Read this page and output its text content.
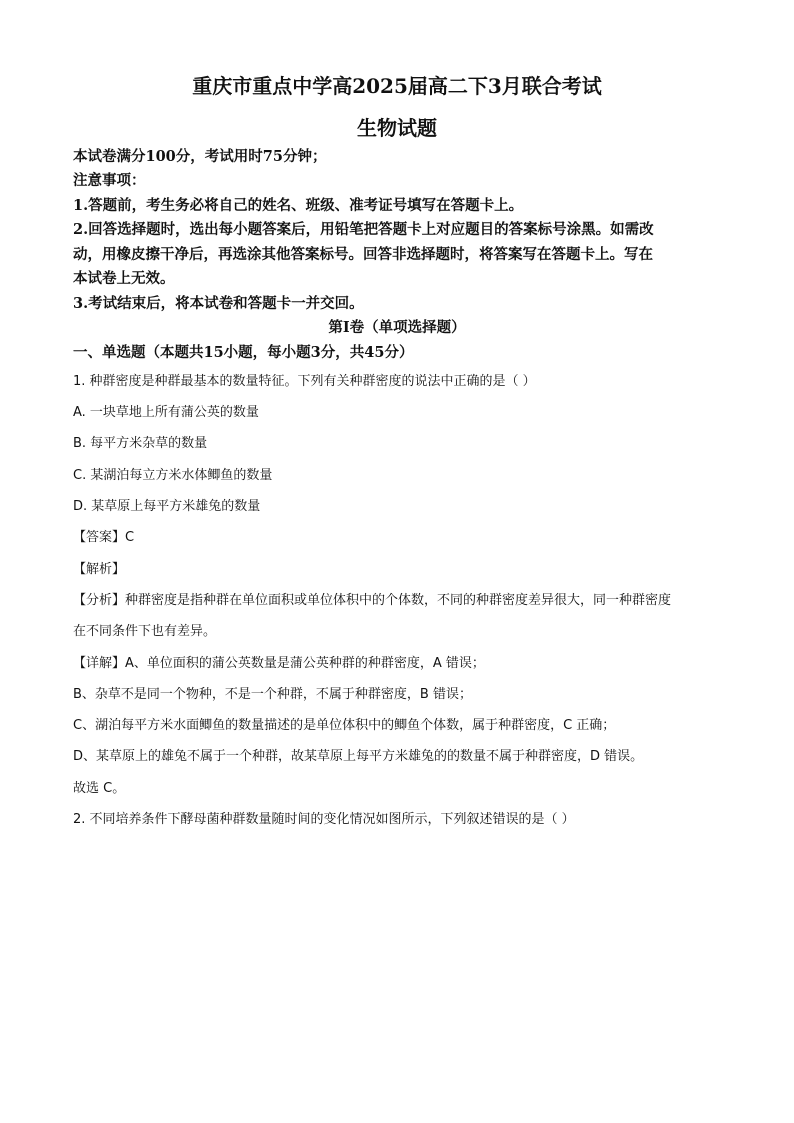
重庆市重点中学高2025届高二下3月联合考试
生物试题
本试卷满分100分，考试用时75分钟；
注意事项：
1.答题前，考生务必将自己的姓名、班级、准考证号填写在答题卡上。
2.回答选择题时，选出每小题答案后，用铅笔把答题卡上对应题目的答案标号涂黑。如需改
动，用橡皮擦干净后，再选涂其他答案标号。回答非选择题时，将答案写在答题卡上。写在
本试卷上无效。
3.考试结束后，将本试卷和答题卡一并交回。
第Ⅰ卷（单项选择题）
一、单选题（本题共15小题，每小题3分，共45分）
1. 种群密度是种群最基本的数量特征。下列有关种群密度的说法中正确的是（ ）
A. 一块草地上所有蒲公英的数量
B. 每平方米杂草的数量
C. 某湖泊每立方米水体鲫鱼的数量
D. 某草原上每平方米雄兔的数量
【答案】C
【解析】
【分析】种群密度是指种群在单位面积或单位体积中的个体数，不同的种群密度差异很大，同一种群密度
在不同条件下也有差异。
【详解】A、单位面积的蒲公英数量是蒲公英种群的种群密度，A 错误；
B、杂草不是同一个物种，不是一个种群，不属于种群密度，B 错误；
C、湖泊每平方米水面鲫鱼的数量描述的是单位体积中的鲫鱼个体数，属于种群密度，C 正确；
D、某草原上的雄兔不属于一个种群，故某草原上每平方米雄兔的的数量不属于种群密度，D 错误。
故选 C。
2. 不同培养条件下酵母菌种群数量随时间的变化情况如图所示，下列叙述错误的是（ ）
